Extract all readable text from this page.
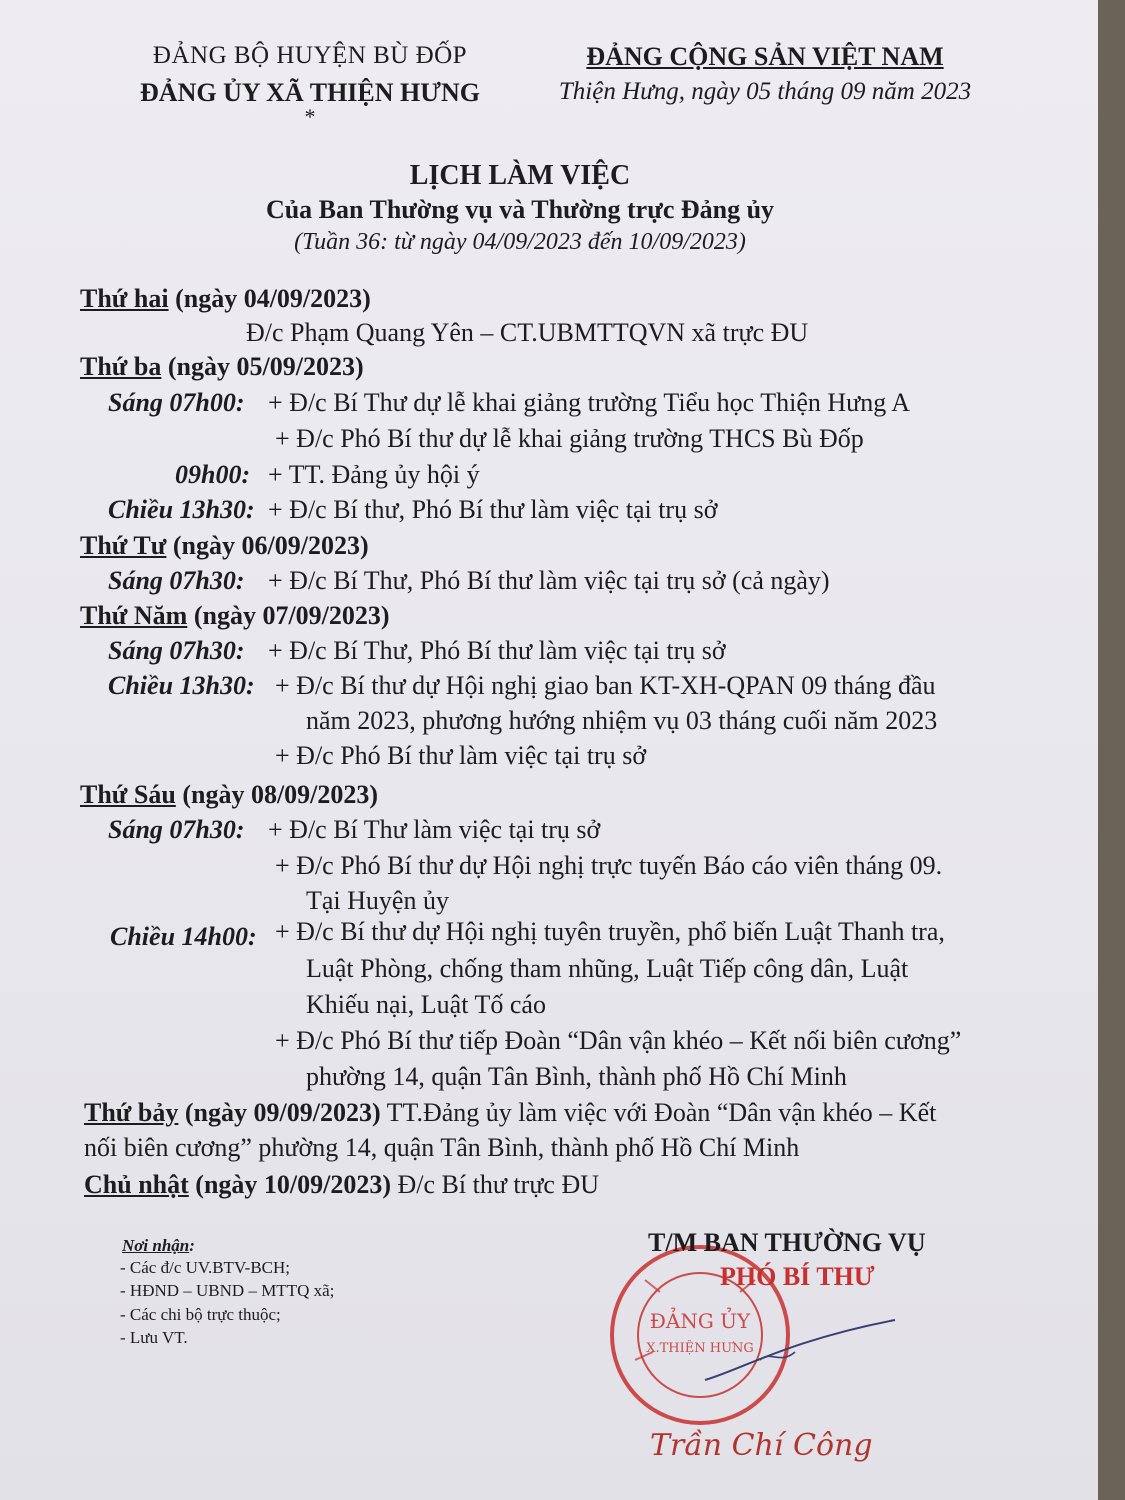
ĐẢNG BỘ HUYỆN BÙ ĐỐP
ĐẢNG ỦY XÃ THIỆN HƯNG
*
ĐẢNG CỘNG SẢN VIỆT NAM
Thiện Hưng, ngày 05 tháng 09 năm 2023
LỊCH LÀM VIỆC
Của Ban Thường vụ và Thường trực Đảng ủy
(Tuần 36: từ ngày 04/09/2023 đến 10/09/2023)
Thứ hai (ngày 04/09/2023)
Đ/c Phạm Quang Yên – CT.UBMTTQVN xã trực ĐU
Thứ ba (ngày 05/09/2023)
Sáng 07h00: + Đ/c Bí Thư dự lễ khai giảng trường Tiểu học Thiện Hưng A
+ Đ/c Phó Bí thư dự lễ khai giảng trường THCS Bù Đốp
09h00: + TT. Đảng ủy hội ý
Chiều 13h30: + Đ/c Bí thư, Phó Bí thư làm việc tại trụ sở
Thứ Tư (ngày 06/09/2023)
Sáng 07h30: + Đ/c Bí Thư, Phó Bí thư làm việc tại trụ sở (cả ngày)
Thứ Năm (ngày 07/09/2023)
Sáng 07h30: + Đ/c Bí Thư, Phó Bí thư làm việc tại trụ sở
Chiều 13h30: + Đ/c Bí thư dự Hội nghị giao ban KT-XH-QPAN 09 tháng đầu
năm 2023, phương hướng nhiệm vụ 03 tháng cuối năm 2023
+ Đ/c Phó Bí thư làm việc tại trụ sở
Thứ Sáu (ngày 08/09/2023)
Sáng 07h30: + Đ/c Bí Thư làm việc tại trụ sở
+ Đ/c Phó Bí thư dự Hội nghị trực tuyến Báo cáo viên tháng 09.
Tại Huyện ủy
Chiều 14h00: + Đ/c Bí thư dự Hội nghị tuyên truyền, phổ biến Luật Thanh tra,
Luật Phòng, chống tham nhũng, Luật Tiếp công dân, Luật
Khiếu nại, Luật Tố cáo
+ Đ/c Phó Bí thư tiếp Đoàn “Dân vận khéo – Kết nối biên cương”
phường 14, quận Tân Bình, thành phố Hồ Chí Minh
Thứ bảy (ngày 09/09/2023) TT.Đảng ủy làm việc với Đoàn “Dân vận khéo – Kết
nối biên cương” phường 14, quận Tân Bình, thành phố Hồ Chí Minh
Chủ nhật (ngày 10/09/2023) Đ/c Bí thư trực ĐU
Nơi nhận:
- Các đ/c UV.BTV-BCH;
- HĐND – UBND – MTTQ xã;
- Các chi bộ trực thuộc;
- Lưu VT.
ĐẢNG ỦY
X.THIỆN HƯNG
T/M BAN THƯỜNG VỤ
PHÓ BÍ THƯ
Trần Chí Công
